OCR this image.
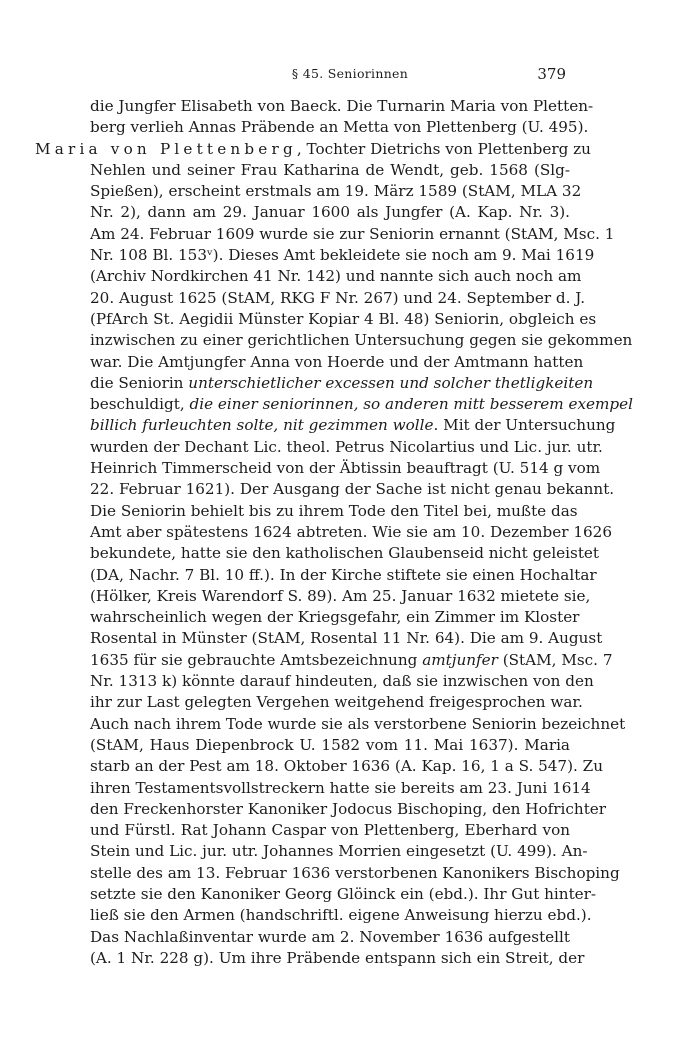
§ 45. Seniorinnen	379
die Jungfer Elisabeth von Baeck. Die Turnarin Maria von Pletten-
berg verlieh Annas Präbende an Metta von Plettenberg (U. 495).
Maria von Plettenberg, Tochter Dietrichs von Plettenberg zu
Nehlen und seiner Frau Katharina de Wendt, geb. 1568 (Slg-
Spießen), erscheint erstmals am 19. März 1589 (StAM, MLA 32
Nr. 2), dann am 29. Januar 1600 als Jungfer (A. Kap. Nr. 3).
Am 24. Februar 1609 wurde sie zur Seniorin ernannt (StAM, Msc. 1
Nr. 108 Bl. 153ᵛ). Dieses Amt bekleidete sie noch am 9. Mai 1619
(Archiv Nordkirchen 41 Nr. 142) und nannte sich auch noch am
20. August 1625 (StAM, RKG F Nr. 267) und 24. September d. J.
(PfArch St. Aegidii Münster Kopiar 4 Bl. 48) Seniorin, obgleich es
inzwischen zu einer gerichtlichen Untersuchung gegen sie gekommen
war. Die Amtjungfer Anna von Hoerde und der Amtmann hatten
die Seniorin unterschietlicher excessen und solcher thetligkeiten
beschuldigt, die einer seniorinnen, so anderen mitt besserem exempel
billich furleuchten solte, nit gezimmen wolle. Mit der Untersuchung
wurden der Dechant Lic. theol. Petrus Nicolartius und Lic. jur. utr.
Heinrich Timmerscheid von der Äbtissin beauftragt (U. 514 g vom
22. Februar 1621). Der Ausgang der Sache ist nicht genau bekannt.
Die Seniorin behielt bis zu ihrem Tode den Titel bei, mußte das
Amt aber spätestens 1624 abtreten. Wie sie am 10. Dezember 1626
bekundete, hatte sie den katholischen Glaubenseid nicht geleistet
(DA, Nachr. 7 Bl. 10 ff.). In der Kirche stiftete sie einen Hochaltar
(Hölker, Kreis Warendorf S. 89). Am 25. Januar 1632 mietete sie,
wahrscheinlich wegen der Kriegsgefahr, ein Zimmer im Kloster
Rosental in Münster (StAM, Rosental 11 Nr. 64). Die am 9. August
1635 für sie gebrauchte Amtsbezeichnung amtjunfer (StAM, Msc. 7
Nr. 1313 k) könnte darauf hindeuten, daß sie inzwischen von den
ihr zur Last gelegten Vergehen weitgehend freigesprochen war.
Auch nach ihrem Tode wurde sie als verstorbene Seniorin bezeichnet
(StAM, Haus Diepenbrock U. 1582 vom 11. Mai 1637). Maria
starb an der Pest am 18. Oktober 1636 (A. Kap. 16, 1 a S. 547). Zu
ihren Testamentsvollstreckern hatte sie bereits am 23. Juni 1614
den Freckenhorster Kanoniker Jodocus Bischoping, den Hofrichter
und Fürstl. Rat Johann Caspar von Plettenberg, Eberhard von
Stein und Lic. jur. utr. Johannes Morrien eingesetzt (U. 499). An-
stelle des am 13. Februar 1636 verstorbenen Kanonikers Bischoping
setzte sie den Kanoniker Georg Glöinck ein (ebd.). Ihr Gut hinter-
ließ sie den Armen (handschriftl. eigene Anweisung hierzu ebd.).
Das Nachlaßinventar wurde am 2. November 1636 aufgestellt
(A. 1 Nr. 228 g). Um ihre Präbende entspann sich ein Streit, der
